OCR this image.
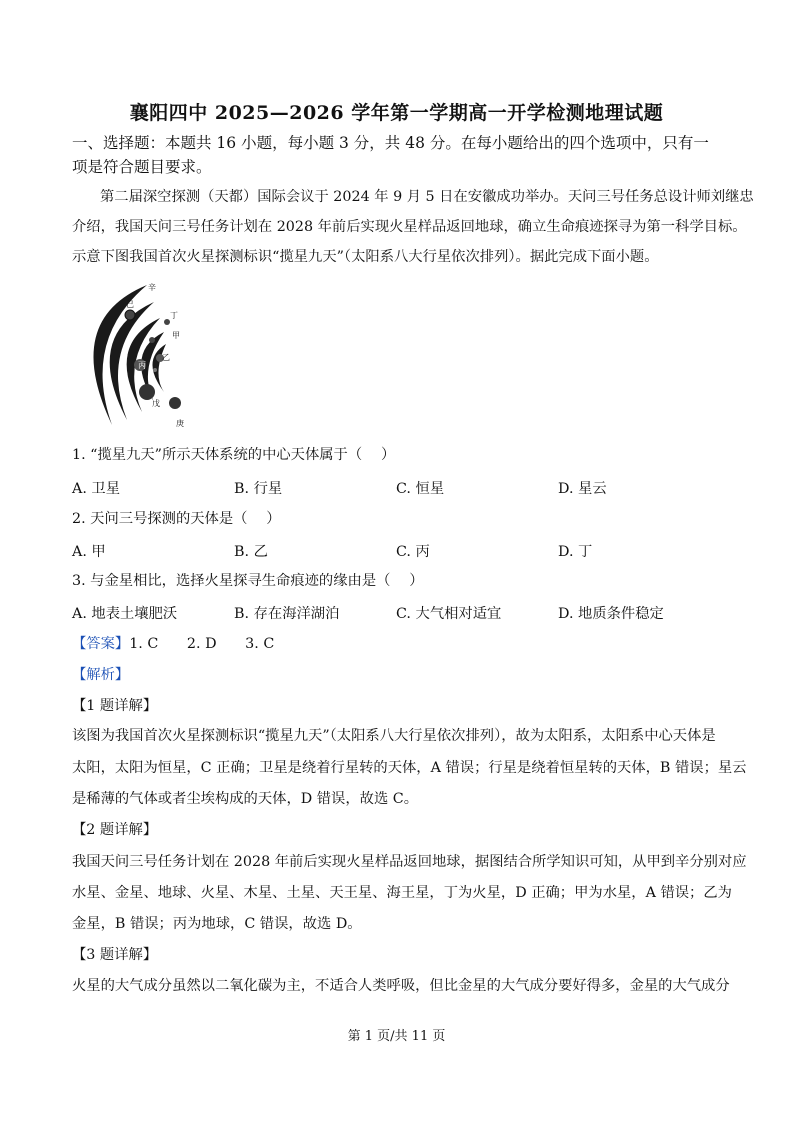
襄阳四中 2025—2026 学年第一学期高一开学检测地理试题
一、选择题：本题共 16 小题，每小题 3 分，共 48 分。在每小题给出的四个选项中，只有一
项是符合题目要求。
第二届深空探测（天都）国际会议于 2024 年 9 月 5 日在安徽成功举办。天问三号任务总设计师刘继忠
介绍，我国天问三号任务计划在 2028 年前后实现火星样品返回地球，确立生命痕迹探寻为第一科学目标。
示意下图我国首次火星探测标识“揽星九天”（太阳系八大行星依次排列）。据此完成下面小题。
辛
己
丁
甲
乙
丙
戊
庚
1. “揽星九天”所示天体系统的中心天体属于（　 ）
A. 卫星	B. 行星	C. 恒星	D. 星云
2. 天问三号探测的天体是（　 ）
A. 甲	B. 乙	C. 丙	D. 丁
3. 与金星相比，选择火星探寻生命痕迹的缘由是（　 ）
A. 地表土壤肥沃	B. 存在海洋湖泊	C. 大气相对适宜	D. 地质条件稳定
【答案】1. C　　2. D　　3. C
【解析】
【1 题详解】
该图为我国首次火星探测标识“揽星九天”（太阳系八大行星依次排列），故为太阳系，太阳系中心天体是
太阳，太阳为恒星，C 正确；卫星是绕着行星转的天体，A 错误；行星是绕着恒星转的天体，B 错误；星云
是稀薄的气体或者尘埃构成的天体，D 错误，故选 C。
【2 题详解】
我国天问三号任务计划在 2028 年前后实现火星样品返回地球，据图结合所学知识可知，从甲到辛分别对应
水星、金星、地球、火星、木星、土星、天王星、海王星，丁为火星，D 正确；甲为水星，A 错误；乙为
金星，B 错误；丙为地球，C 错误，故选 D。
【3 题详解】
火星的大气成分虽然以二氧化碳为主，不适合人类呼吸，但比金星的大气成分要好得多，金星的大气成分
第 1 页/共 11 页
